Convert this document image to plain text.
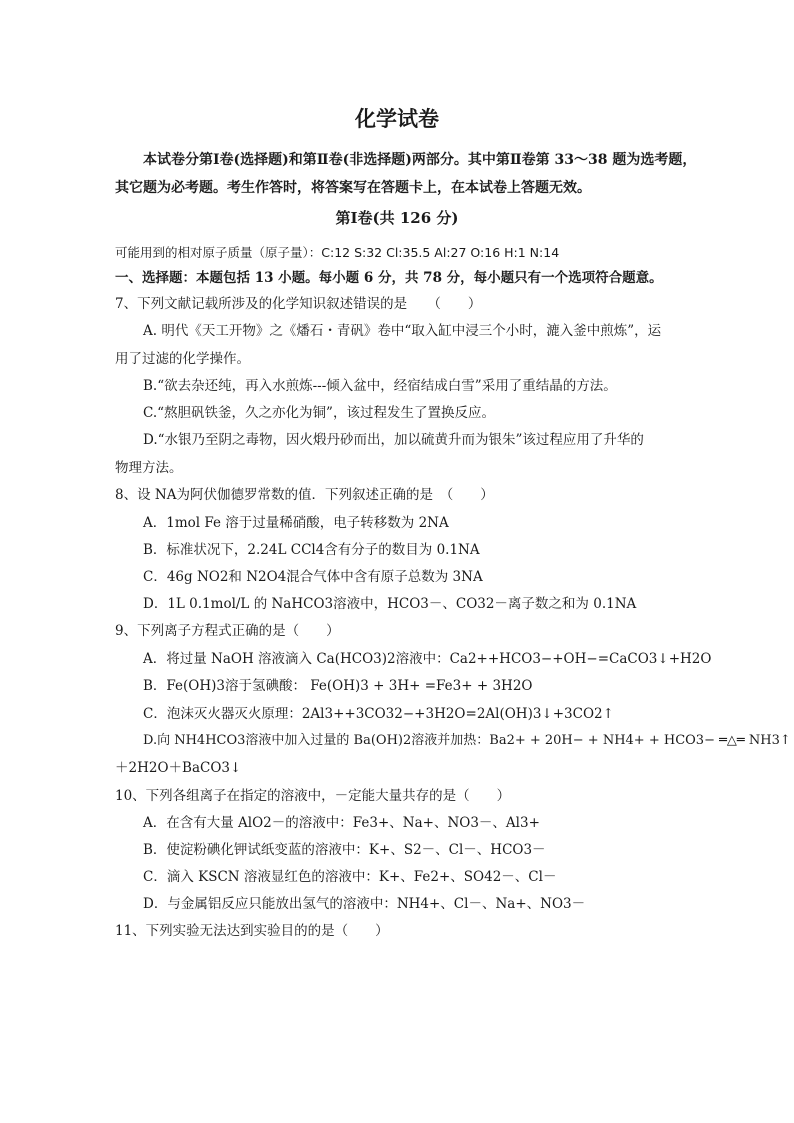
化学试卷
本试卷分第Ⅰ卷(选择题)和第Ⅱ卷(非选择题)两部分。其中第Ⅱ卷第 33～38 题为选考题，
其它题为必考题。考生作答时，将答案写在答题卡上，在本试卷上答题无效。
第Ⅰ卷(共 126 分)
可能用到的相对原子质量（原子量）：C:12 S:32 Cl:35.5 Al:27 O:16 H:1 N:14
一、选择题：本题包括 13 小题。每小题 6 分，共 78 分，每小题只有一个选项符合题意。
7、下列文献记载所涉及的化学知识叙述错误的是　　（　　）
A. 明代《天工开物》之《燔石・青矾》卷中“取入缸中浸三个小时，漉入釜中煎炼”，运
用了过滤的化学操作。
B.“欲去杂还纯，再入水煎炼---倾入盆中，经宿结成白雪”采用了重结晶的方法。
C.“熬胆矾铁釜，久之亦化为铜”，该过程发生了置换反应。
D.“水银乃至阴之毒物，因火煅丹砂而出，加以硫黄升而为银朱”该过程应用了升华的
物理方法。
8、设 NA为阿伏伽德罗常数的值．下列叙述正确的是　（　　）
A．1mol Fe 溶于过量稀硝酸，电子转移数为 2NA
B．标准状况下，2.24L CCl4含有分子的数目为 0.1NA
C．46g NO2和 N2O4混合气体中含有原子总数为 3NA
D．1L 0.1mol/L 的 NaHCO3溶液中，HCO3－、CO32－离子数之和为 0.1NA
9、下列离子方程式正确的是（　　）
A．将过量 NaOH 溶液滴入 Ca(HCO3)2溶液中：Ca2++HCO3−+OH−=CaCO3↓+H2O
B．Fe(OH)3溶于氢碘酸： Fe(OH)3 + 3H+ =Fe3+ + 3H2O
C．泡沫灭火器灭火原理：2Al3++3CO32−+3H2O=2Al(OH)3↓+3CO2↑
D.向 NH4HCO3溶液中加入过量的 Ba(OH)2溶液并加热：Ba2+ + 20H− + NH4+ + HCO3− ═△═ NH3↑
＋2H2O＋BaCO3↓
10、下列各组离子在指定的溶液中，－定能大量共存的是（　　）
A．在含有大量 AlO2－的溶液中：Fe3+、Na+、NO3－、Al3+
B．使淀粉碘化钾试纸变蓝的溶液中：K+、S2－、Cl－、HCO3－
C．滴入 KSCN 溶液显红色的溶液中：K+、Fe2+、SO42－、Cl－
D．与金属铝反应只能放出氢气的溶液中：NH4+、Cl－、Na+、NO3－
11、下列实验无法达到实验目的的是（　　）
